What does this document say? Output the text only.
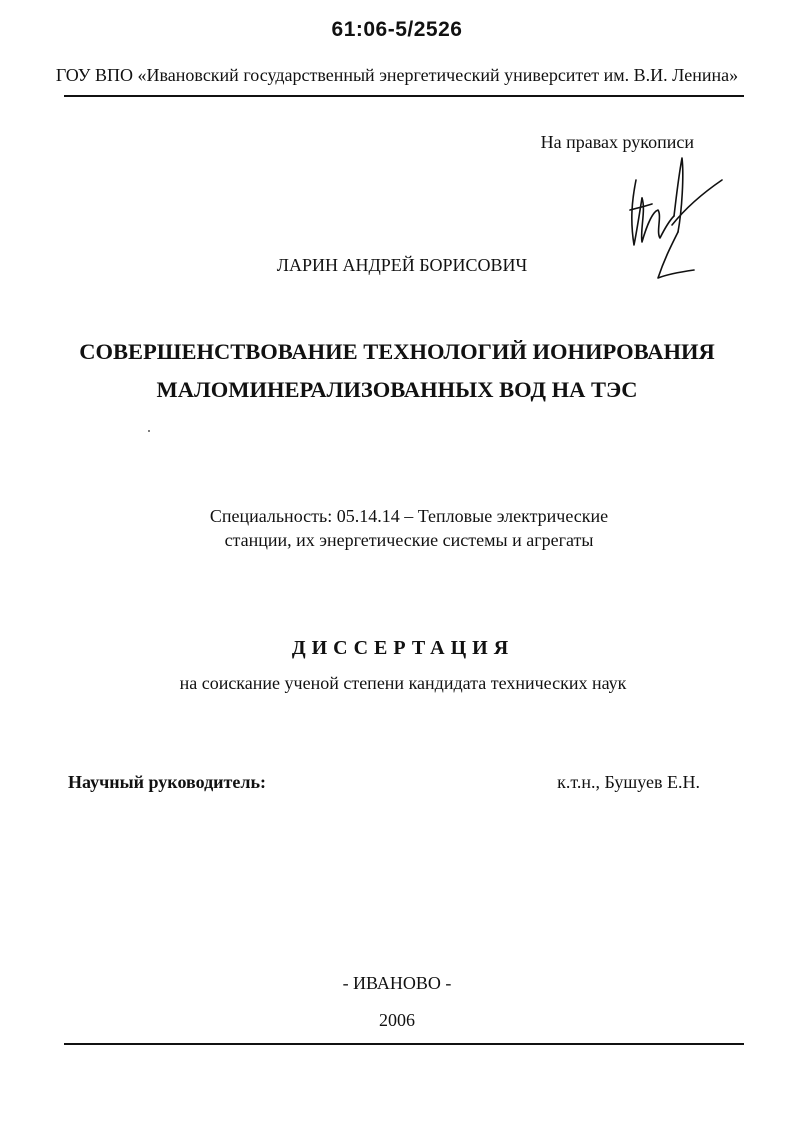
61:06-5/2526
ГОУ ВПО «Ивановский государственный энергетический университет им. В.И. Ленина»
На правах рукописи
ЛАРИН АНДРЕЙ БОРИСОВИЧ
СОВЕРШЕНСТВОВАНИЕ ТЕХНОЛОГИЙ ИОНИРОВАНИЯ
МАЛОМИНЕРАЛИЗОВАННЫХ ВОД НА ТЭС
Специальность: 05.14.14 – Тепловые электрические
станции, их энергетические системы и агрегаты
ДИССЕРТАЦИЯ
на соискание ученой степени кандидата технических наук
Научный руководитель:	к.т.н., Бушуев Е.Н.
- ИВАНОВО -
2006
